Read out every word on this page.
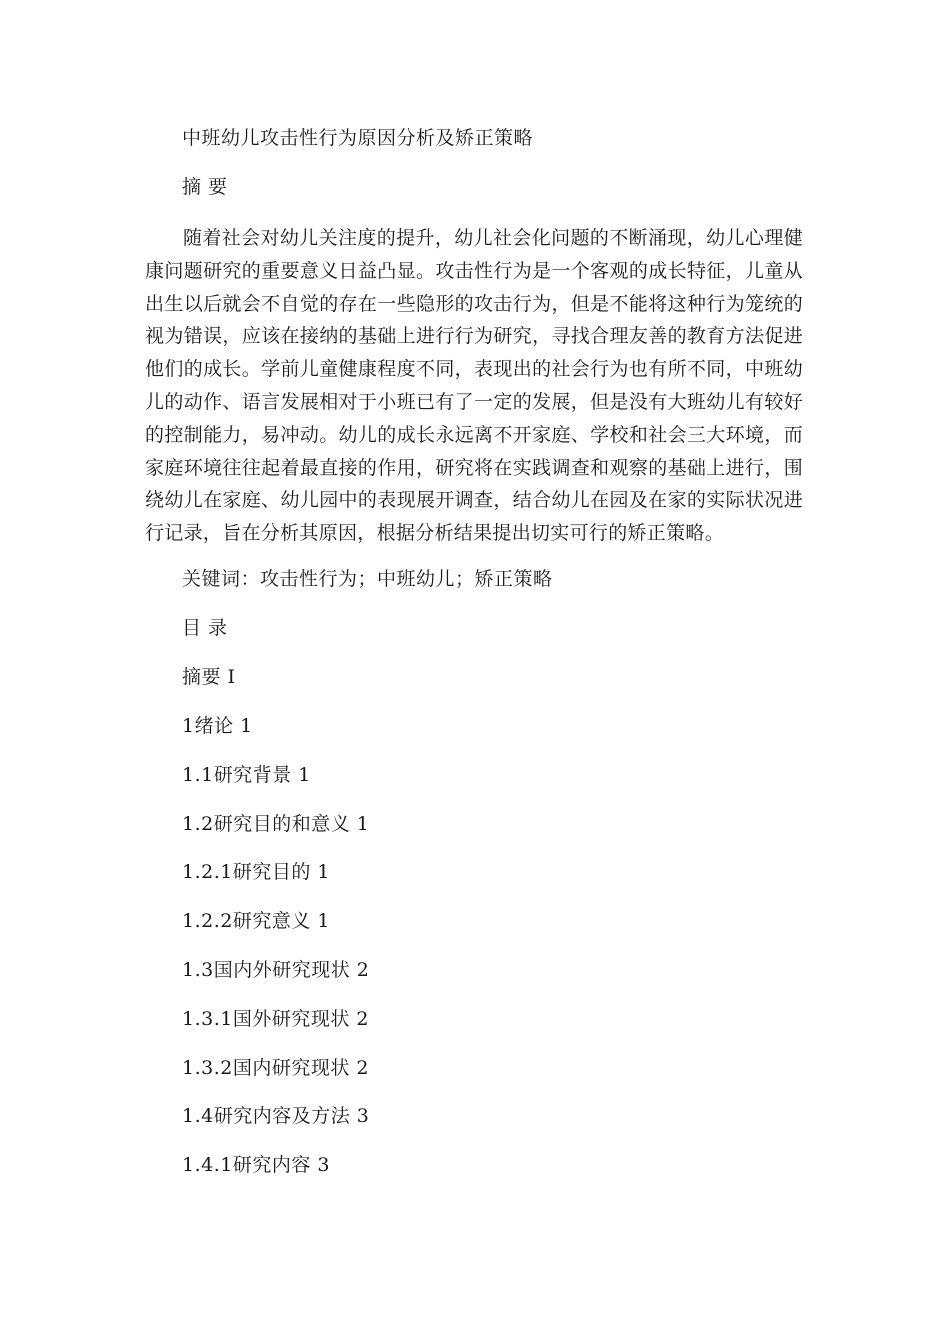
中班幼儿攻击性行为原因分析及矫正策略
摘 要

随着社会对幼儿关注度的提升，幼儿社会化问题的不断涌现，幼儿心理健康问题研究的重要意义日益凸显。攻击性行为是一个客观的成长特征，儿童从出生以后就会不自觉的存在一些隐形的攻击行为，但是不能将这种行为笼统的视为错误，应该在接纳的基础上进行行为研究，寻找合理友善的教育方法促进他们的成长。学前儿童健康程度不同，表现出的社会行为也有所不同，中班幼儿的动作、语言发展相对于小班已有了一定的发展，但是没有大班幼儿有较好的控制能力，易冲动。幼儿的成长永远离不开家庭、学校和社会三大环境，而家庭环境往往起着最直接的作用，研究将在实践调查和观察的基础上进行，围绕幼儿在家庭、幼儿园中的表现展开调查，结合幼儿在园及在家的实际状况进行记录，旨在分析其原因，根据分析结果提出切实可行的矫正策略。

关键词：攻击性行为；中班幼儿；矫正策略
目 录
摘要 I
1绪论 1
1.1研究背景 1
1.2研究目的和意义 1
1.2.1研究目的 1
1.2.2研究意义 1
1.3国内外研究现状 2
1.3.1国外研究现状 2
1.3.2国内研究现状 2
1.4研究内容及方法 3
1.4.1研究内容 3
